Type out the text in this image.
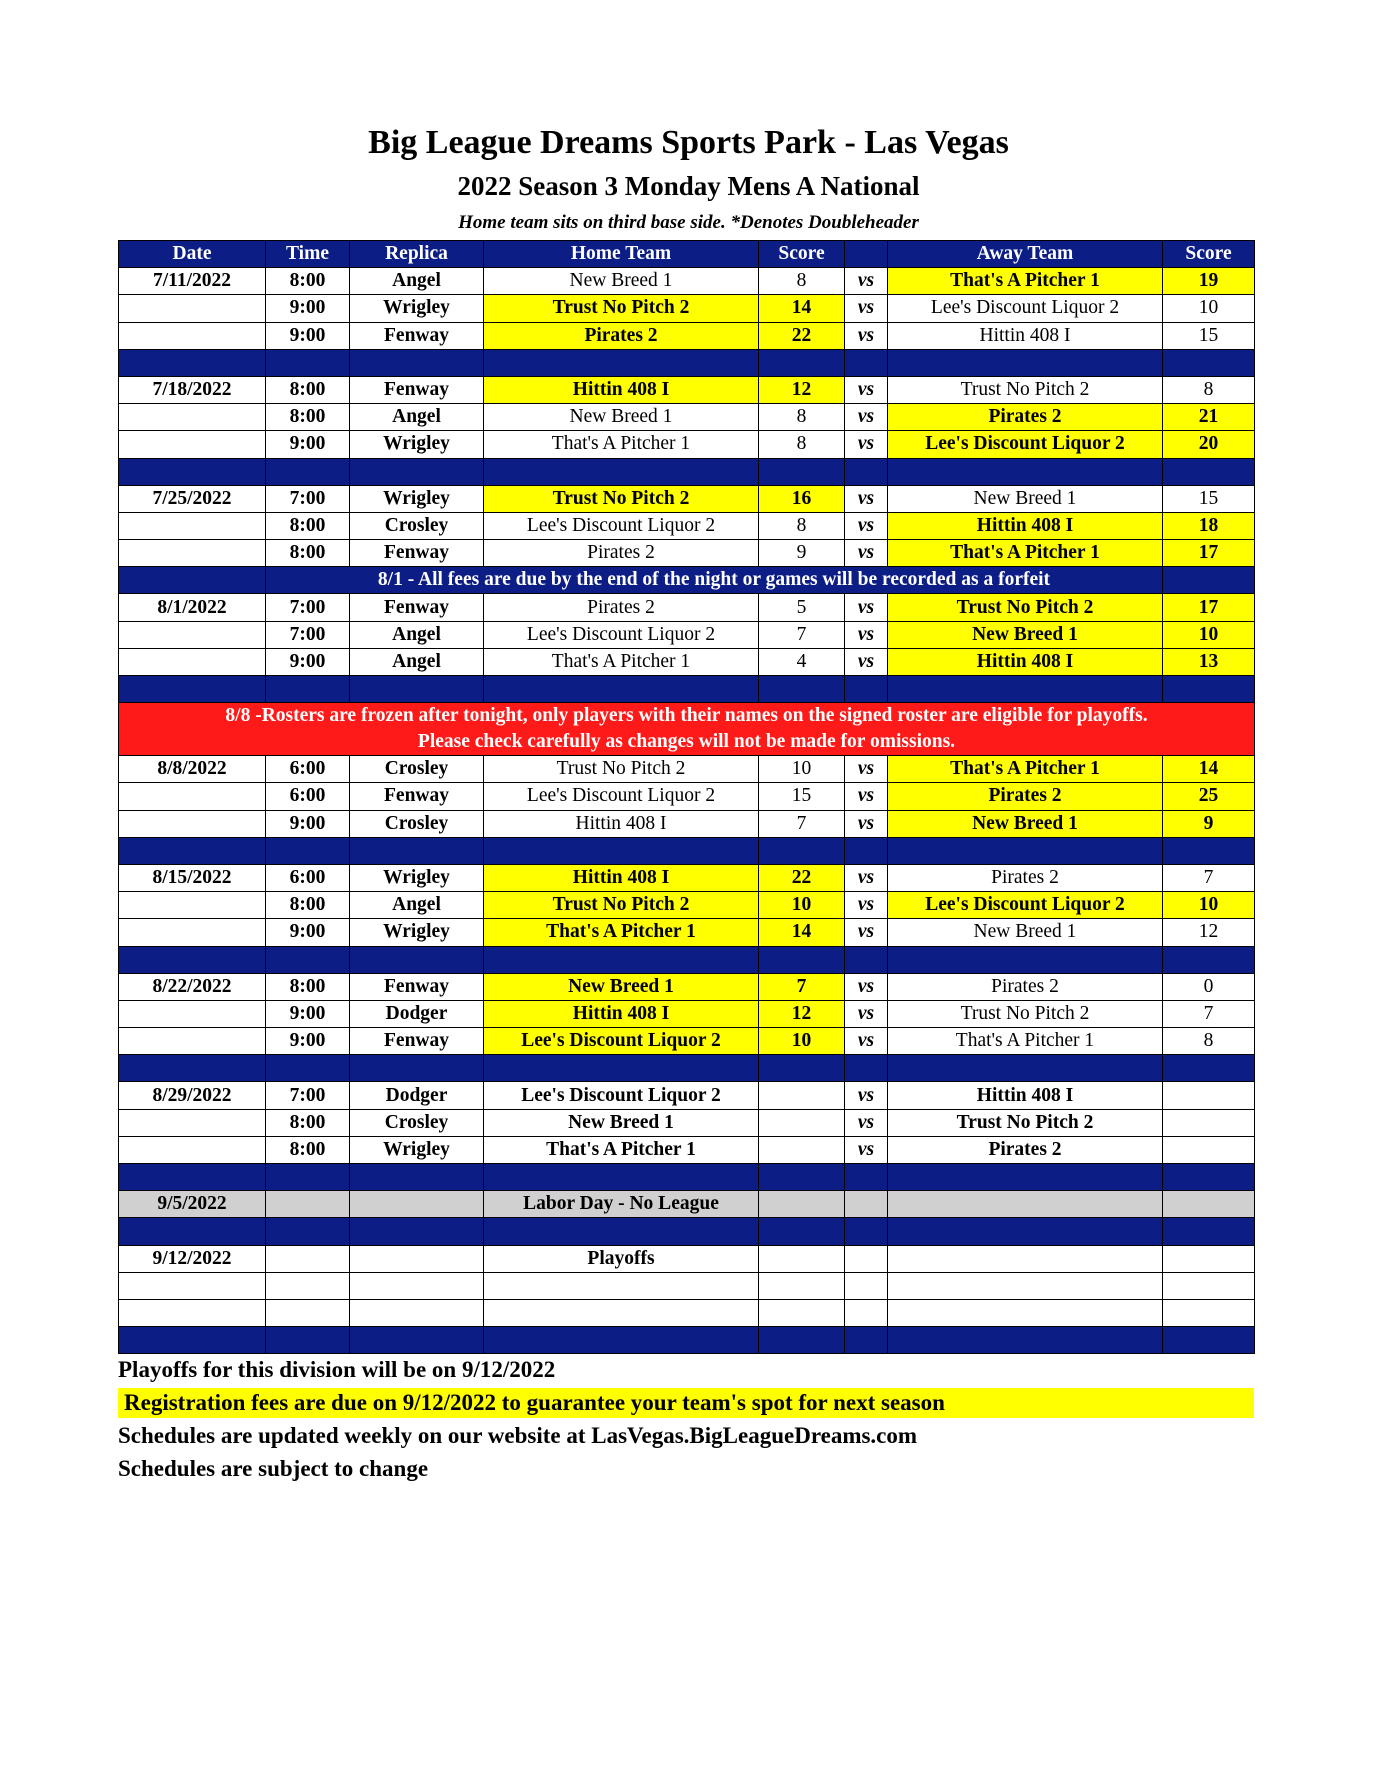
Big League Dreams Sports Park - Las Vegas
2022 Season 3 Monday Mens A National
Home team sits on third base side. *Denotes Doubleheader
Date	Time	Replica	Home Team	Score		Away Team	Score
7/11/2022	8:00	Angel	New Breed 1	8	vs	That's A Pitcher 1	19
	9:00	Wrigley	Trust No Pitch 2	14	vs	Lee's Discount Liquor 2	10
	9:00	Fenway	Pirates 2	22	vs	Hittin 408 I	15

7/18/2022	8:00	Fenway	Hittin 408 I	12	vs	Trust No Pitch 2	8
	8:00	Angel	New Breed 1	8	vs	Pirates 2	21
	9:00	Wrigley	That's A Pitcher 1	8	vs	Lee's Discount Liquor 2	20

7/25/2022	7:00	Wrigley	Trust No Pitch 2	16	vs	New Breed 1	15
	8:00	Crosley	Lee's Discount Liquor 2	8	vs	Hittin 408 I	18
	8:00	Fenway	Pirates 2	9	vs	That's A Pitcher 1	17
	8/1 - All fees are due by the end of the night or games will be recorded as a forfeit						
8/1/2022	7:00	Fenway	Pirates 2	5	vs	Trust No Pitch 2	17
	7:00	Angel	Lee's Discount Liquor 2	7	vs	New Breed 1	10
	9:00	Angel	That's A Pitcher 1	4	vs	Hittin 408 I	13

8/8 -Rosters are frozen after tonight, only players with their names on the signed roster are eligible for playoffs.
Please check carefully as changes will not be made for omissions.							

8/8/2022	6:00	Crosley	Trust No Pitch 2	10	vs	That's A Pitcher 1	14
	6:00	Fenway	Lee's Discount Liquor 2	15	vs	Pirates 2	25
	9:00	Crosley	Hittin 408 I	7	vs	New Breed 1	9

8/15/2022	6:00	Wrigley	Hittin 408 I	22	vs	Pirates 2	7
	8:00	Angel	Trust No Pitch 2	10	vs	Lee's Discount Liquor 2	10
	9:00	Wrigley	That's A Pitcher 1	14	vs	New Breed 1	12

8/22/2022	8:00	Fenway	New Breed 1	7	vs	Pirates 2	0
	9:00	Dodger	Hittin 408 I	12	vs	Trust No Pitch 2	7
	9:00	Fenway	Lee's Discount Liquor 2	10	vs	That's A Pitcher 1	8

8/29/2022	7:00	Dodger	Lee's Discount Liquor 2		vs	Hittin 408 I	
	8:00	Crosley	New Breed 1		vs	Trust No Pitch 2	
	8:00	Wrigley	That's A Pitcher 1		vs	Pirates 2	

9/5/2022			Labor Day - No League				

9/12/2022			Playoffs				

Playoffs for this division will be on 9/12/2022
Registration fees are due on 9/12/2022 to guarantee your team's spot for next season
Schedules are updated weekly on our website at LasVegas.BigLeagueDreams.com
Schedules are subject to change
